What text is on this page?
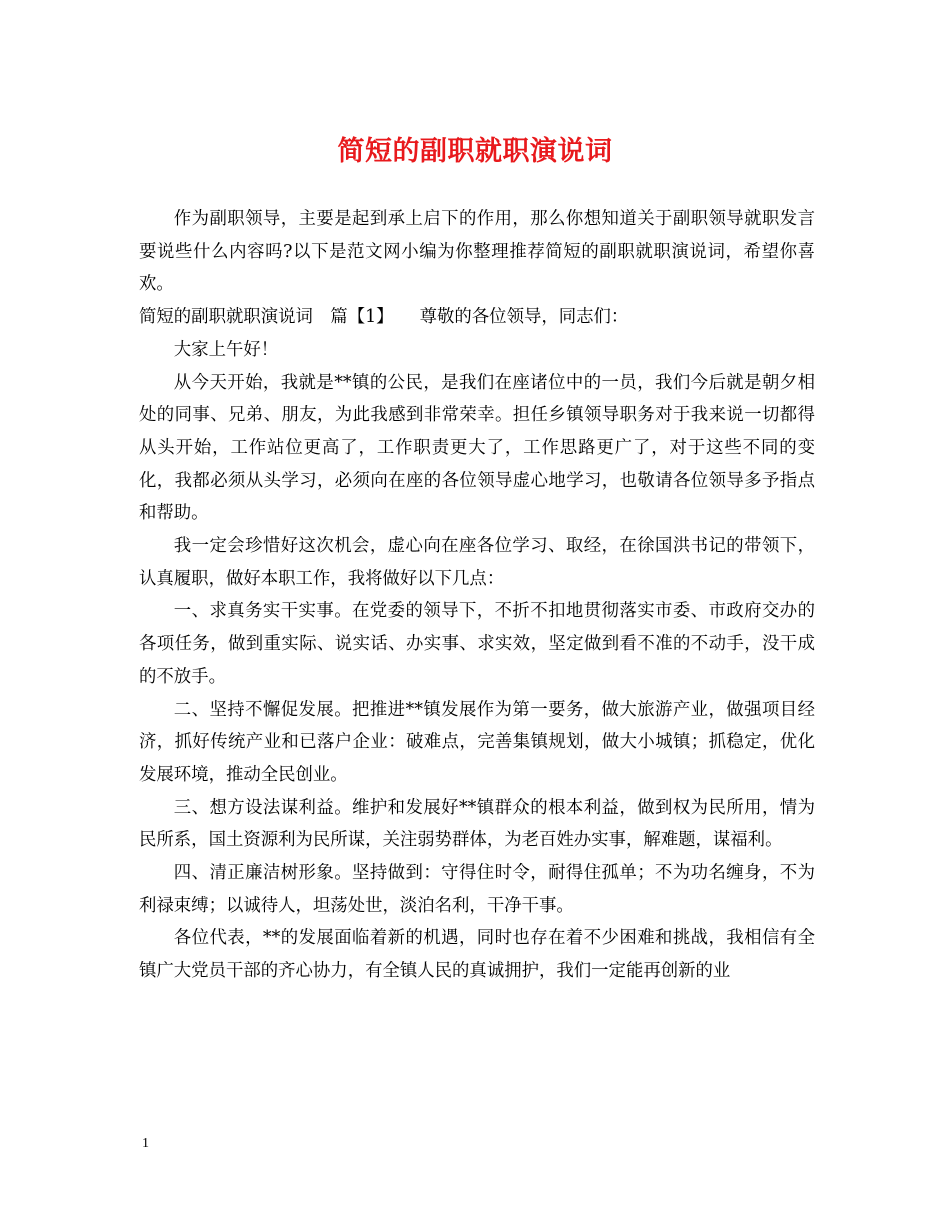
简短的副职就职演说词

作为副职领导，主要是起到承上启下的作用，那么你想知道关于副职领导就职发言要说些什么内容吗?以下是范文网小编为你整理推荐简短的副职就职演说词，希望你喜欢。

简短的副职就职演说词　篇【1】　　尊敬的各位领导，同志们：

大家上午好！

从今天开始，我就是**镇的公民，是我们在座诸位中的一员，我们今后就是朝夕相处的同事、兄弟、朋友，为此我感到非常荣幸。担任乡镇领导职务对于我来说一切都得从头开始，工作站位更高了，工作职责更大了，工作思路更广了，对于这些不同的变化，我都必须从头学习，必须向在座的各位领导虚心地学习，也敬请各位领导多予指点和帮助。

我一定会珍惜好这次机会，虚心向在座各位学习、取经，在徐国洪书记的带领下，认真履职，做好本职工作，我将做好以下几点：

一、求真务实干实事。在党委的领导下，不折不扣地贯彻落实市委、市政府交办的各项任务，做到重实际、说实话、办实事、求实效，坚定做到看不准的不动手，没干成的不放手。

二、坚持不懈促发展。把推进**镇发展作为第一要务，做大旅游产业，做强项目经济，抓好传统产业和已落户企业：破难点，完善集镇规划，做大小城镇；抓稳定，优化发展环境，推动全民创业。

三、想方设法谋利益。维护和发展好**镇群众的根本利益，做到权为民所用，情为民所系，国土资源利为民所谋，关注弱势群体，为老百姓办实事，解难题，谋福利。

四、清正廉洁树形象。坚持做到：守得住时令，耐得住孤单；不为功名缠身，不为利禄束缚；以诚待人，坦荡处世，淡泊名利，干净干事。

各位代表，**的发展面临着新的机遇，同时也存在着不少困难和挑战，我相信有全镇广大党员干部的齐心协力，有全镇人民的真诚拥护，我们一定能再创新的业

1
